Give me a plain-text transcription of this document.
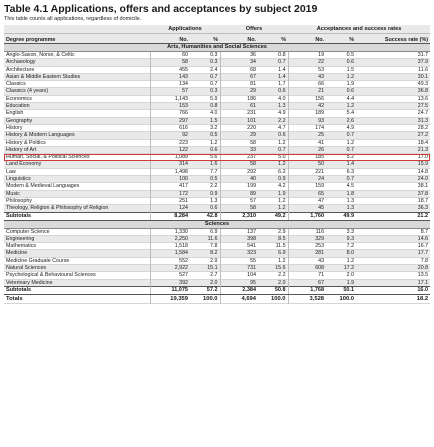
Table 4.1 Applications, offers and acceptances by subject 2019
This table counts all applications, regardless of domicile.
	Applications		Offers		Acceptances and success rates		
Degree programme	No.	%	No.	%	No.	%	Success rate (%)
Arts, Humanities and Social Sciences							
Anglo-Saxon, Norse, & Celtic	60	0.3	36	0.8	19	0.5	31.7
Archaeology	58	0.3	34	0.7	22	0.6	37.9
Architecture	455	2.4	68	1.4	53	1.5	11.6
Asian & Middle Eastern Studies	143	0.7	67	1.4	43	1.2	30.1
Classics	134	0.7	81	1.7	66	1.9	49.3
Classics (4 years)	57	0.3	29	0.6	21	0.6	36.8
Economics	1,143	5.9	186	4.0	156	4.4	13.6
Education	153	0.8	61	1.3	42	1.2	27.5
English	766	4.0	231	4.9	189	5.4	24.7
Geography	297	1.5	101	2.2	93	2.6	31.3
History	616	3.2	220	4.7	174	4.9	28.2
History & Modern Languages	92	0.5	29	0.6	25	0.7	27.2
History & Politics	223	1.2	58	1.2	41	1.2	18.4
History of Art	122	0.6	33	0.7	26	0.7	21.3
Human, Social, & Political Sciences	1,089	5.6	237	5.0	185	5.2	17.0
Land Economy	314	1.6	58	1.2	50	1.4	15.9
Law	1,498	7.7	292	6.2	221	6.3	14.8
Linguistics	100	0.5	40	0.9	24	0.7	24.0
Modern & Medieval Languages	417	2.2	199	4.2	159	4.5	38.1
Music	172	0.9	89	1.9	65	1.8	37.8
Philosophy	251	1.3	57	1.2	47	1.3	18.7
Theology, Religion & Philosophy of Religion	124	0.6	58	1.2	45	1.3	36.3
Subtotals	8,284	42.8	2,310	49.2	1,760	49.9	21.2
Sciences							
Computer Science	1,330	6.9	137	2.9	116	3.3	8.7
Engineering	2,250	11.6	398	8.5	329	9.3	14.6
Mathematics	1,518	7.8	541	11.5	253	7.2	16.7
Medicine	1,584	8.2	323	6.9	281	8.0	17.7
Medicine Graduate Course	552	2.9	55	1.2	43	1.2	7.8
Natural Sciences	2,922	15.1	731	15.6	608	17.2	20.8
Psychological & Behavioural Sciences	527	2.7	104	2.2	71	2.0	13.5
Veterinary Medicine	392	2.0	95	2.0	67	1.9	17.1
Subtotals	11,075	57.2	2,384	50.8	1,768	50.1	16.0
Totals	19,359	100.0	4,694	100.0	3,528	100.0	18.2
